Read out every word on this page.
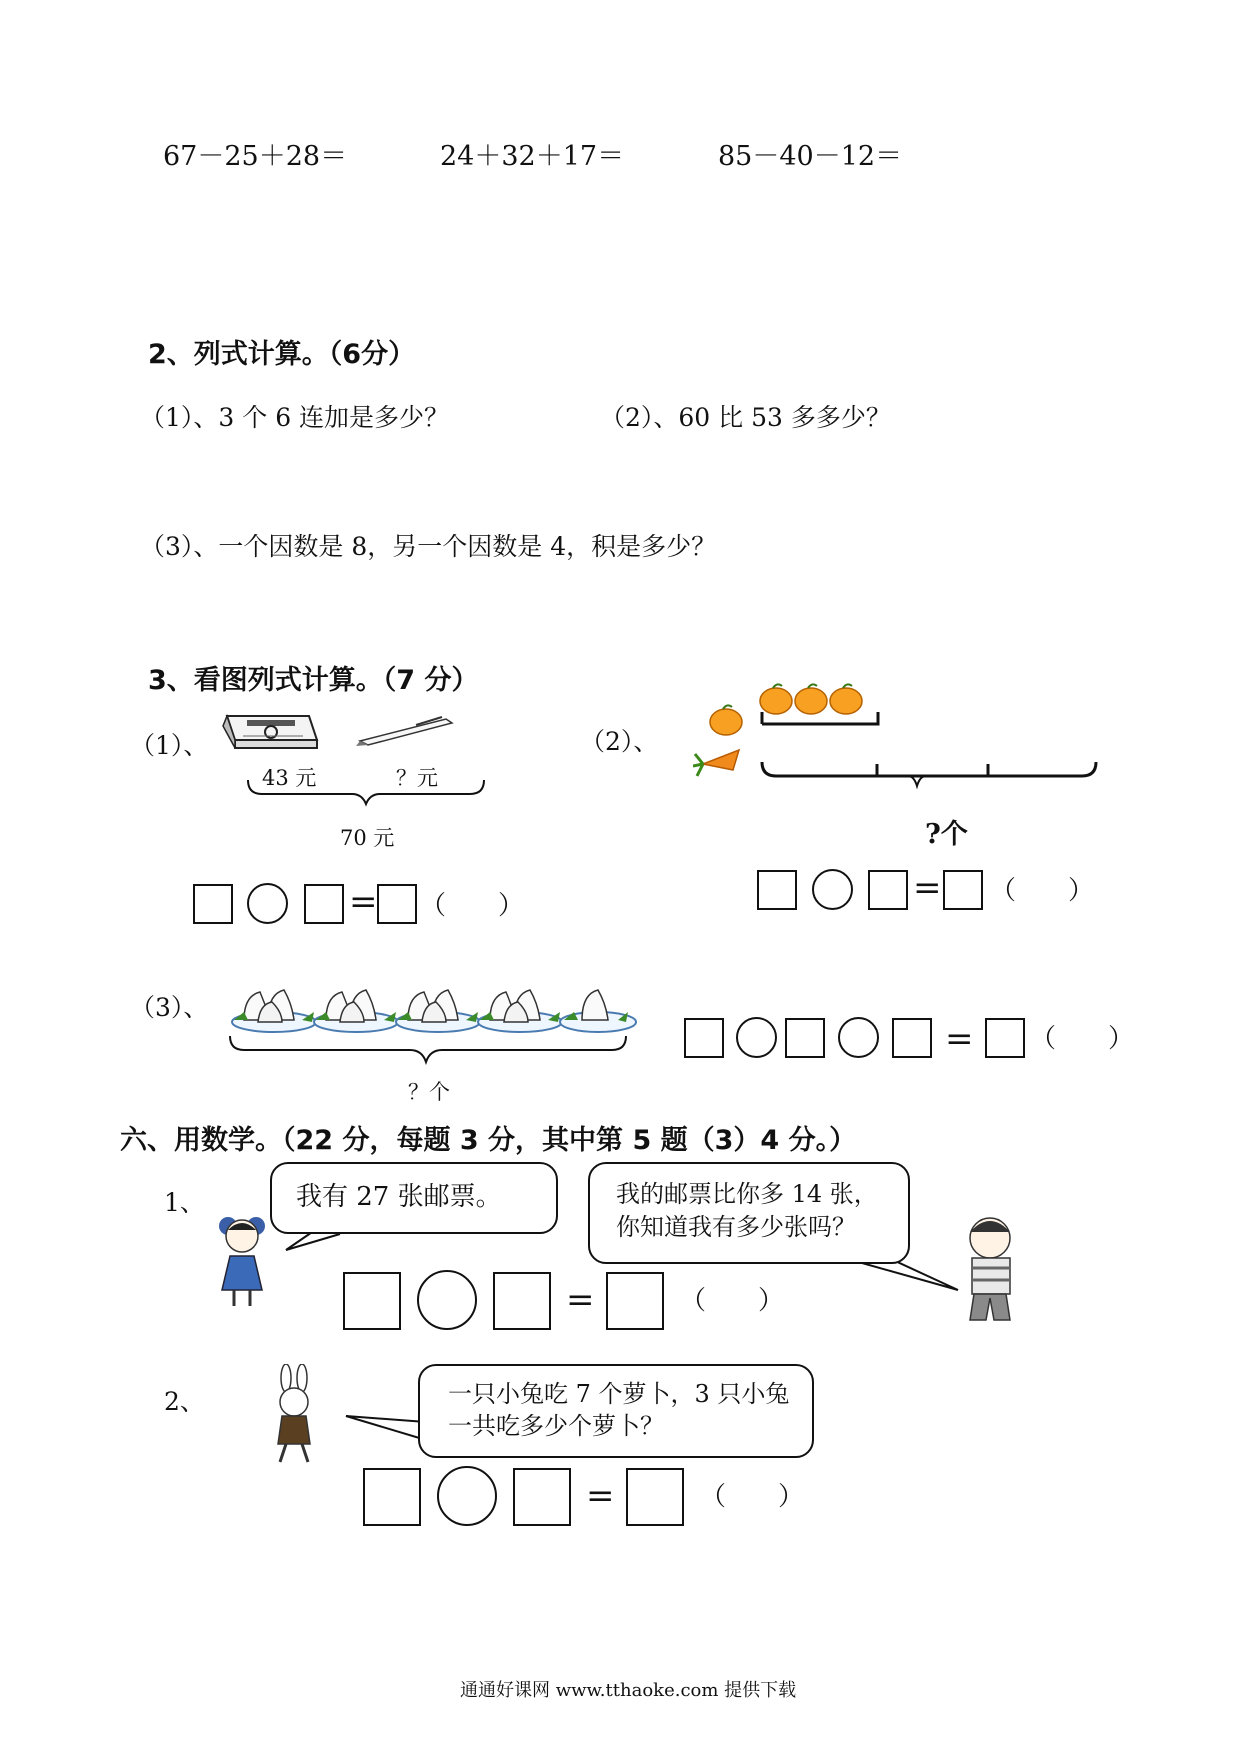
67－25＋28＝	24＋32＋17＝	85－40－12＝
2、列式计算。（6分）
（1）、3 个 6 连加是多少？	（2）、60 比 53 多多少？
（3）、一个因数是 8，另一个因数是 4，积是多少？
3、看图列式计算。（7 分）
（1）、
43 元	？元
70 元
= （　　）
（2）、
?个
= （　　）
（3）、
？个
= （　　）
六、用数学。（22 分，每题 3 分，其中第 5 题（3）4 分。）
1、	我有 27 张邮票。	我的邮票比你多 14 张，
你知道我有多少张吗？
=	（　　）
2、	一只小兔吃 7 个萝卜，3 只小兔
一共吃多少个萝卜？
=	（　　）
通通好课网 www.tthaoke.com 提供下载
